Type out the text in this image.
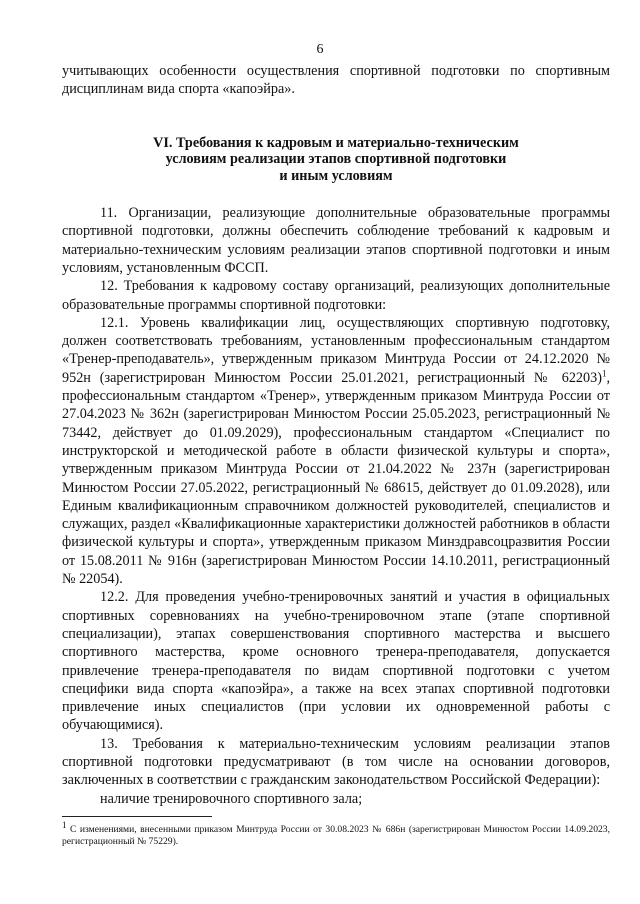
6

учитывающих особенности осуществления спортивной подготовки по спортивным дисциплинам вида спорта «капоэйра».

VI. Требования к кадровым и материально-техническим
условиям реализации этапов спортивной подготовки
и иным условиям

11. Организации, реализующие дополнительные образовательные программы спортивной подготовки, должны обеспечить соблюдение требований к кадровым и материально-техническим условиям реализации этапов спортивной подготовки и иным условиям, установленным ФССП.

12. Требования к кадровому составу организаций, реализующих дополнительные образовательные программы спортивной подготовки:

12.1. Уровень квалификации лиц, осуществляющих спортивную подготовку, должен соответствовать требованиям, установленным профессиональным стандартом «Тренер-преподаватель», утвержденным приказом Минтруда России от 24.12.2020 № 952н (зарегистрирован Минюстом России 25.01.2021, регистрационный № 62203)$^1$, профессиональным стандартом «Тренер», утвержденным приказом Минтруда России от 27.04.2023 № 362н (зарегистрирован Минюстом России 25.05.2023, регистрационный № 73442, действует до 01.09.2029), профессиональным стандартом «Специалист по инструкторской и методической работе в области физической культуры и спорта», утвержденным приказом Минтруда России от 21.04.2022 № 237н (зарегистрирован Минюстом России 27.05.2022, регистрационный № 68615, действует до 01.09.2028), или Единым квалификационным справочником должностей руководителей, специалистов и служащих, раздел «Квалификационные характеристики должностей работников в области физической культуры и спорта», утвержденным приказом Минздравсоцразвития России от 15.08.2011 № 916н (зарегистрирован Минюстом России 14.10.2011, регистрационный № 22054).

12.2. Для проведения учебно-тренировочных занятий и участия в официальных спортивных соревнованиях на учебно-тренировочном этапе (этапе спортивной специализации), этапах совершенствования спортивного мастерства и высшего спортивного мастерства, кроме основного тренера-преподавателя, допускается привлечение тренера-преподавателя по видам спортивной подготовки с учетом специфики вида спорта «капоэйра», а также на всех этапах спортивной подготовки привлечение иных специалистов (при условии их одновременной работы с обучающимися).

13. Требования к материально-техническим условиям реализации этапов спортивной подготовки предусматривают (в том числе на основании договоров, заключенных в соответствии с гражданским законодательством Российской Федерации):

наличие тренировочного спортивного зала;

$^1$ С изменениями, внесенными приказом Минтруда России от 30.08.2023 № 686н (зарегистрирован Минюстом России 14.09.2023, регистрационный № 75229).
